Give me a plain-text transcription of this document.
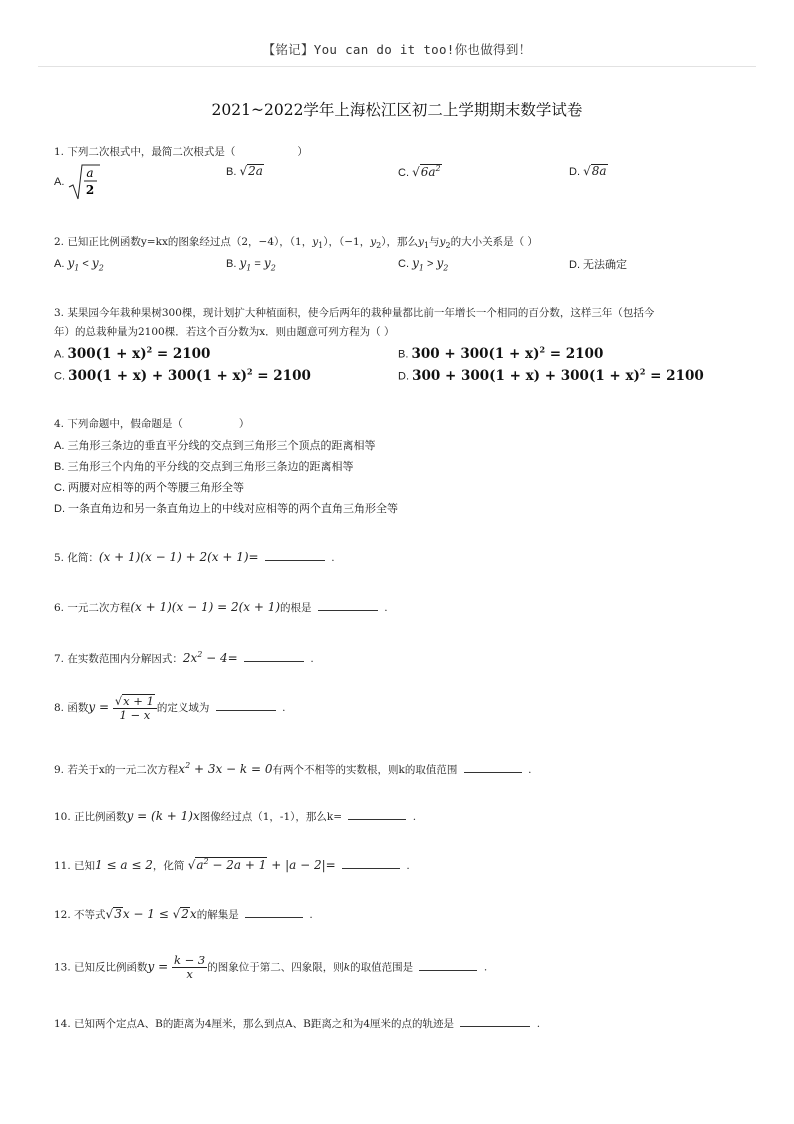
【铭记】You can do it too!你也做得到！
2021~2022学年上海松江区初二上学期期末数学试卷
1. 下列二次根式中，最简二次根式是（	）
A.
a
2
B. √2a	C. $√6a^2$	D. √8a
2. 已知正比例函数y=kx的图象经过点（2，−4），（1，$y_1$），（−1，$y_2$），那么$y_1$与$y_2$的大小关系是（ ）
A. $y_1 < y_2$	B. $y_1 = y_2$	C. $y_1 > y_2$	D. 无法确定
3. 某果园今年栽种果树300棵，现计划扩大种植面积，使今后两年的栽种量都比前一年增长一个相同的百分数，这样三年（包括今
年）的总栽种量为2100棵．若这个百分数为x．则由题意可列方程为（ ）
A. $300(1 + x)^2 = 2100$	B. $300 + 300(1 + x)^2 = 2100$
C. $300(1 + x) + 300(1 + x)^2 = 2100$	D. $300 + 300(1 + x) + 300(1 + x)^2 = 2100$
4. 下列命题中，假命题是（	）
A. 三角形三条边的垂直平分线的交点到三角形三个顶点的距离相等
B. 三角形三个内角的平分线的交点到三角形三条边的距离相等
C. 两腰对应相等的两个等腰三角形全等
D. 一条直角边和另一条直角边上的中线对应相等的两个直角三角形全等
5. 化简：(x + 1)(x − 1) + 2(x + 1)=	.
6. 一元二次方程(x + 1)(x − 1) = 2(x + 1)的根是	.
7. 在实数范围内分解因式：$2x^2 - 4=$	.
8. 函数$y = \frac{√x + 1}{1 - x}$ 的定义域为	.
9. 若关于x的一元二次方程$x^2 + 3x - k = 0$有两个不相等的实数根，则k的取值范围	.
10. 正比例函数y = (k + 1)x图像经过点（1，-1），那么k=	.
11. 已知1 ≤ a ≤ 2，化简 $√a^2 - 2a + 1 + |a - 2|=$	.
12. 不等式√3x − 1 ≤ √2x的解集是	.
13. 已知反比例函数$y = \frac{k - 3}{x}$ 的图象位于第二、四象限，则k的取值范围是	.
14. 已知两个定点A、B的距离为4厘米，那么到点A、B距离之和为4厘米的点的轨迹是	.
